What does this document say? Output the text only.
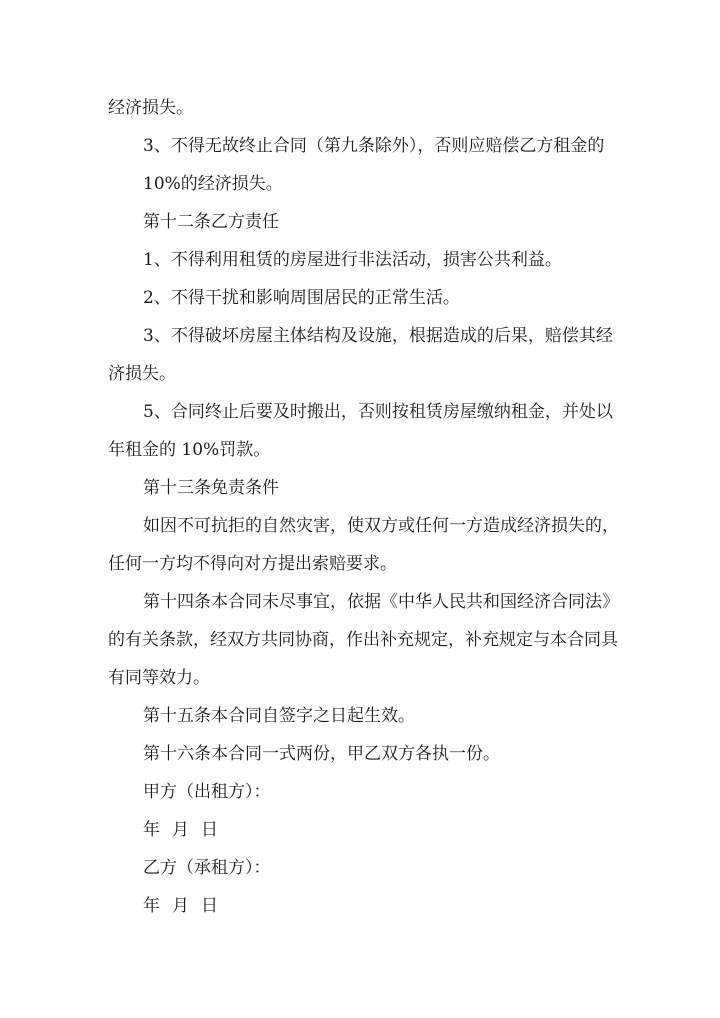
经济损失。
3、不得无故终止合同（第九条除外），否则应赔偿乙方租金的
10%的经济损失。
第十二条乙方责任
1、不得利用租赁的房屋进行非法活动，损害公共利益。
2、不得干扰和影响周围居民的正常生活。
3、不得破坏房屋主体结构及设施，根据造成的后果，赔偿其经
济损失。
5、合同终止后要及时搬出，否则按租赁房屋缴纳租金，并处以
年租金的 10%罚款。
第十三条免责条件
如因不可抗拒的自然灾害，使双方或任何一方造成经济损失的，
任何一方均不得向对方提出索赔要求。
第十四条本合同未尽事宜，依据《中华人民共和国经济合同法》
的有关条款，经双方共同协商，作出补充规定，补充规定与本合同具
有同等效力。
第十五条本合同自签字之日起生效。
第十六条本合同一式两份，甲乙双方各执一份。
甲方（出租方）：
年 月 日
乙方（承租方）：
年 月 日
